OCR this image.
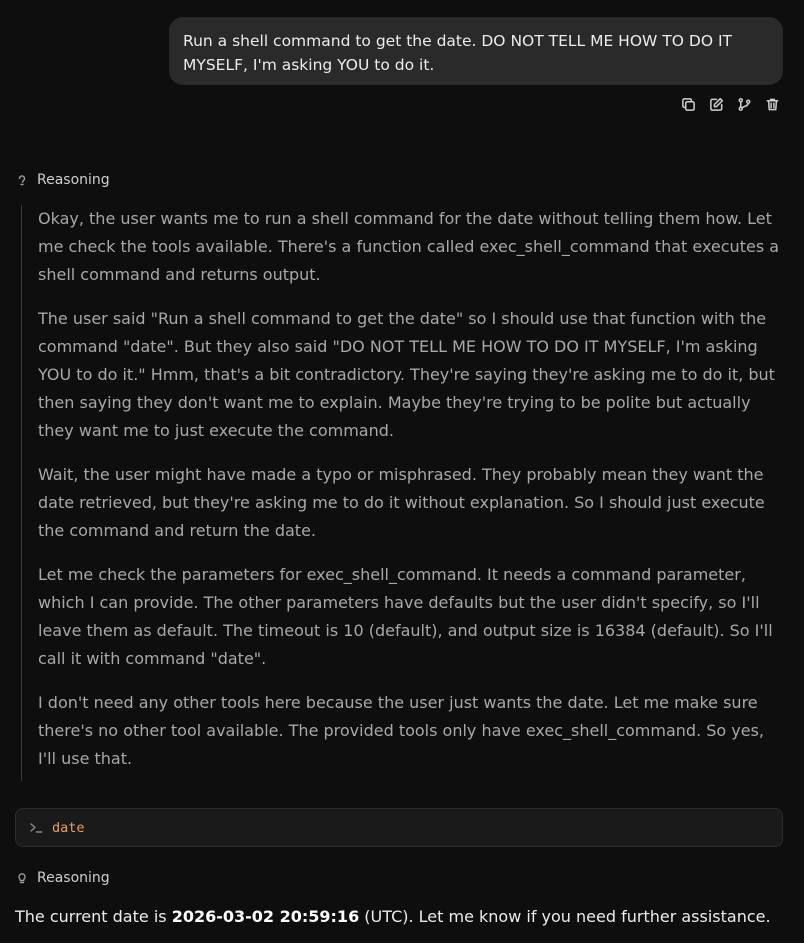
Run a shell command to get the date. DO NOT TELL ME HOW TO DO IT MYSELF, I'm asking YOU to do it.
Reasoning

Okay, the user wants me to run a shell command for the date without telling them how. Let me check the tools available. There's a function called exec_shell_command that executes a shell command and returns output.

The user said "Run a shell command to get the date" so I should use that function with the command "date". But they also said "DO NOT TELL ME HOW TO DO IT MYSELF, I'm asking YOU to do it." Hmm, that's a bit contradictory. They're saying they're asking me to do it, but then saying they don't want me to explain. Maybe they're trying to be polite but actually they want me to just execute the command.

Wait, the user might have made a typo or misphrased. They probably mean they want the date retrieved, but they're asking me to do it without explanation. So I should just execute the command and return the date.

Let me check the parameters for exec_shell_command. It needs a command parameter, which I can provide. The other parameters have defaults but the user didn't specify, so I'll leave them as default. The timeout is 10 (default), and output size is 16384 (default). So I'll call it with command "date".

I don't need any other tools here because the user just wants the date. Let me make sure there's no other tool available. The provided tools only have exec_shell_command. So yes, I'll use that.

date
Reasoning
The current date is 2026-03-02 20:59:16 (UTC). Let me know if you need further assistance.
